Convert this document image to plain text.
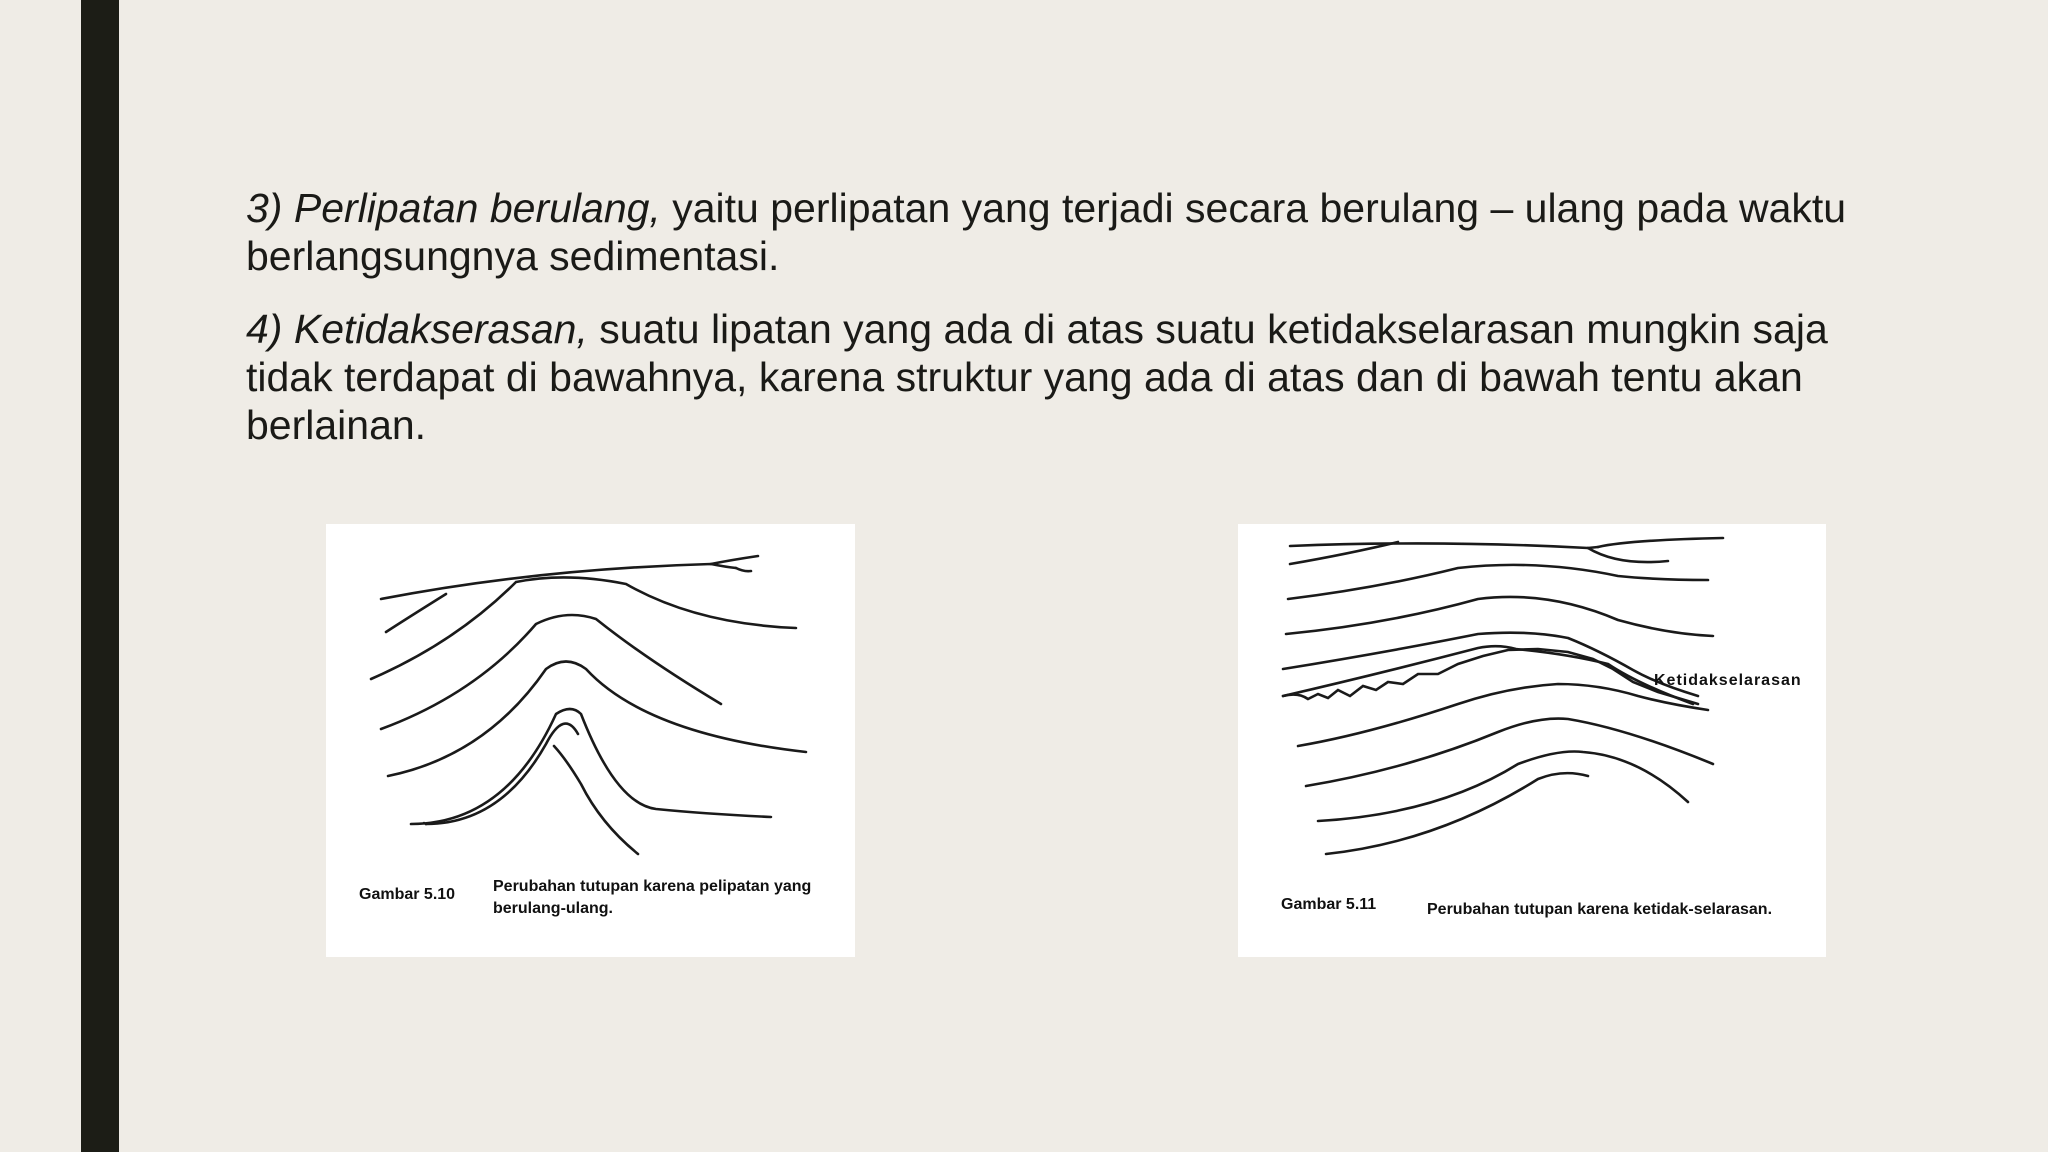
3) Perlipatan berulang, yaitu perlipatan yang terjadi secara berulang – ulang pada waktu berlangsungnya sedimentasi.

4) Ketidakserasan, suatu lipatan yang ada di atas suatu ketidakselarasan mungkin saja tidak terdapat di bawahnya, karena struktur yang ada di atas dan di bawah tentu akan berlainan.

Gambar 5.10 Perubahan tutupan karena pelipatan yang berulang-ulang.
Ketidakselarasan
Gambar 5.11	Perubahan tutupan karena ketidak-selarasan.
